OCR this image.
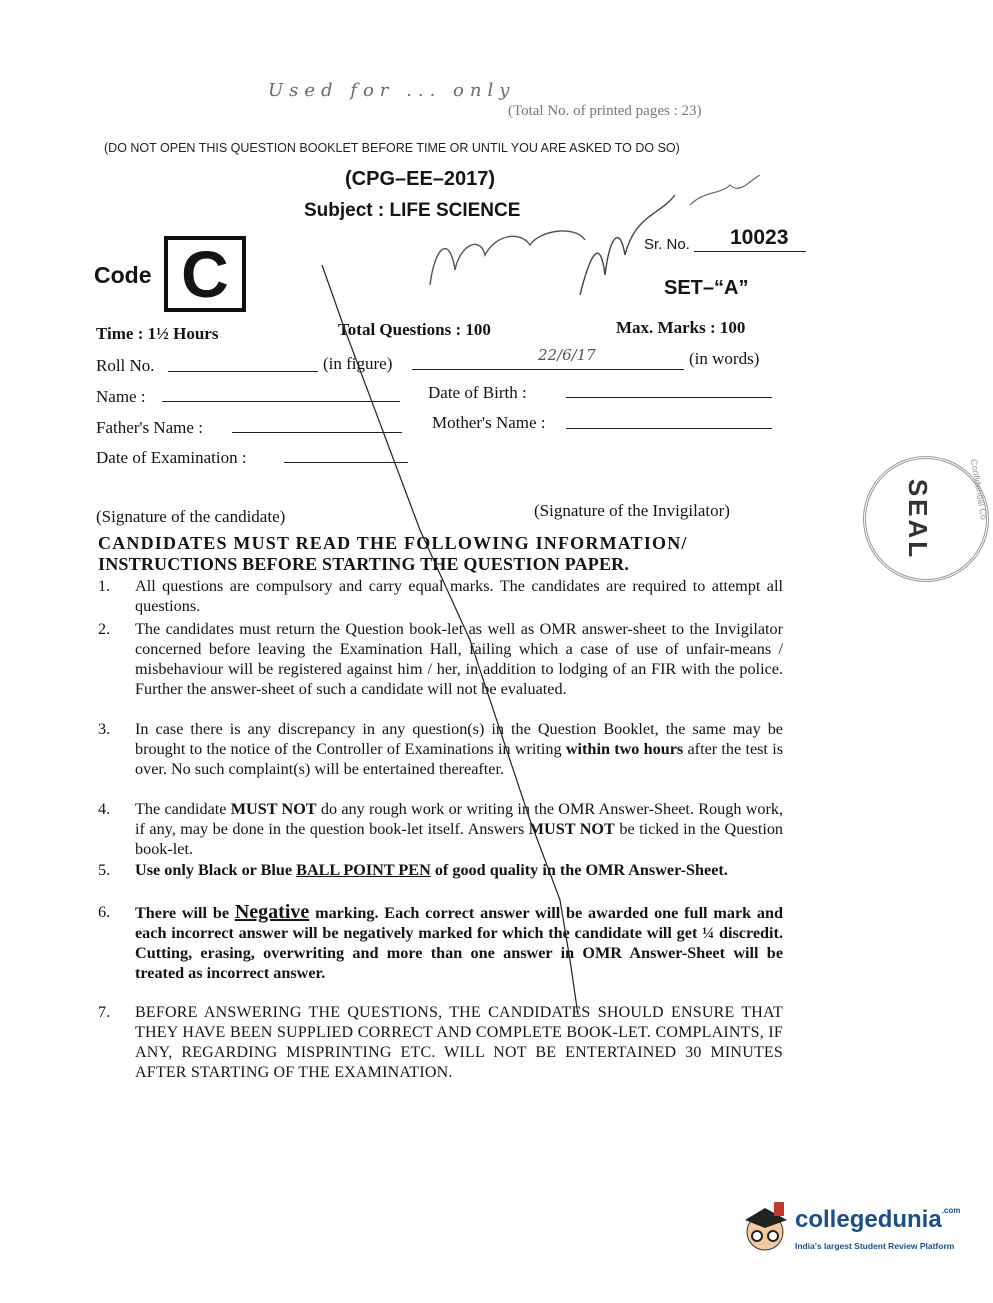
Used for ... only
(Total No. of printed pages : 23)
(DO NOT OPEN THIS QUESTION BOOKLET BEFORE TIME OR UNTIL YOU ARE ASKED TO DO SO)
(CPG–EE–2017)
Subject : LIFE SCIENCE
Code C	Sr. No. 10023
SET–“A”
Time : 1½ Hours	Total Questions : 100	Max. Marks : 100
Roll No.	(in figure)	22/6/17	(in words)
Name :	Date of Birth :
Father's Name :	Mother's Name :
Date of Examination :
(Signature of the candidate)	(Signature of the Invigilator)
CANDIDATES MUST READ THE FOLLOWING INFORMATION/
INSTRUCTIONS BEFORE STARTING THE QUESTION PAPER.
1. All questions are compulsory and carry equal marks. The candidates are required to attempt all questions.
2. The candidates must return the Question book-let as well as OMR answer-sheet to the Invigilator concerned before leaving the Examination Hall, failing which a case of use of unfair-means / misbehaviour will be registered against him / her, in addition to lodging of an FIR with the police. Further the answer-sheet of such a candidate will not be evaluated.
3. In case there is any discrepancy in any question(s) in the Question Booklet, the same may be brought to the notice of the Controller of Examinations in writing within two hours after the test is over. No such complaint(s) will be entertained thereafter.
4. The candidate MUST NOT do any rough work or writing in the OMR Answer-Sheet. Rough work, if any, may be done in the question book-let itself. Answers MUST NOT be ticked in the Question book-let.
5. Use only Black or Blue BALL POINT PEN of good quality in the OMR Answer-Sheet.
6. There will be Negative marking. Each correct answer will be awarded one full mark and each incorrect answer will be negatively marked for which the candidate will get ¼ discredit. Cutting, erasing, overwriting and more than one answer in OMR Answer-Sheet will be treated as incorrect answer.
7. BEFORE ANSWERING THE QUESTIONS, THE CANDIDATES SHOULD ENSURE THAT THEY HAVE BEEN SUPPLIED CORRECT AND COMPLETE BOOK-LET. COMPLAINTS, IF ANY, REGARDING MISPRINTING ETC. WILL NOT BE ENTERTAINED 30 MINUTES AFTER STARTING OF THE EXAMINATION.
Confidential Co
SEAL
collegedunia$^{.com}$
India's largest Student Review Platform
